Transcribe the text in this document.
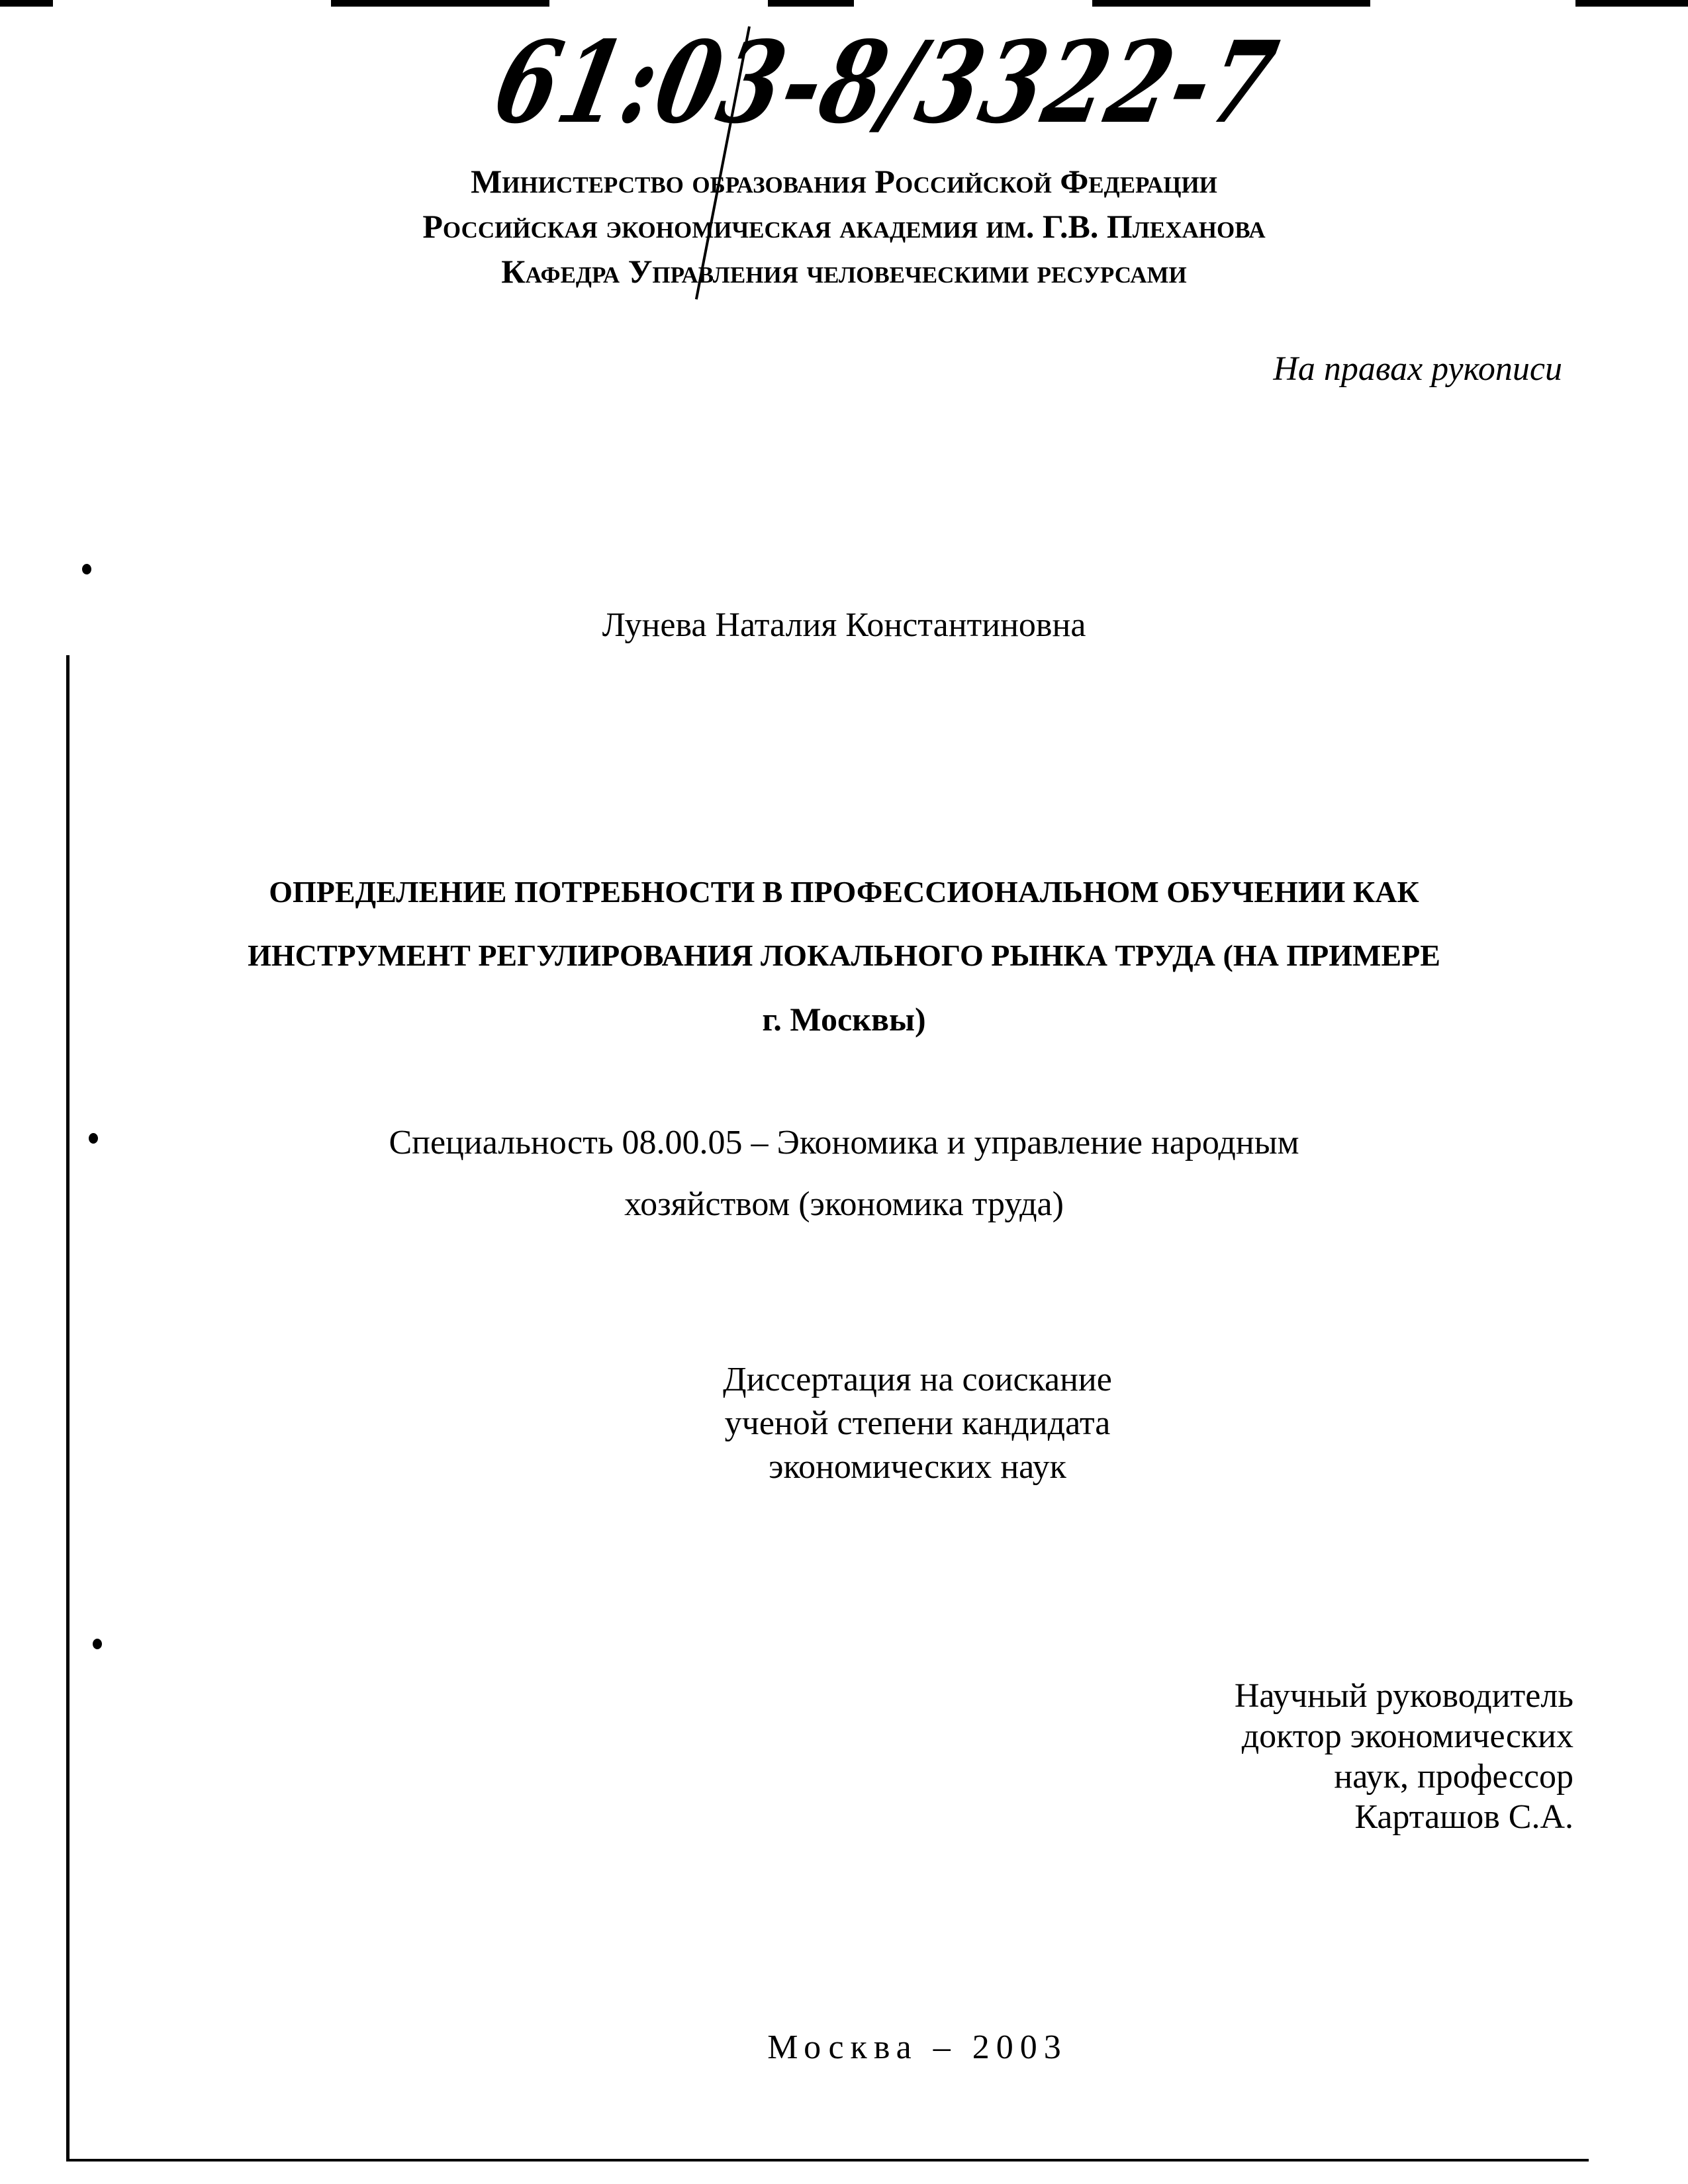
61:03-8/3322-7
Министерство образования Российской Федерации
Российская экономическая академия им. Г.В. Плеханова
Кафедра Управления человеческими ресурсами
На правах рукописи
Лунева Наталия Константиновна
ОПРЕДЕЛЕНИЕ ПОТРЕБНОСТИ В ПРОФЕССИОНАЛЬНОМ ОБУЧЕНИИ КАК
ИНСТРУМЕНТ РЕГУЛИРОВАНИЯ ЛОКАЛЬНОГО РЫНКА ТРУДА (НА ПРИМЕРЕ
г. Москвы)
Специальность 08.00.05 – Экономика и управление народным
хозяйством (экономика труда)
Диссертация на соискание
ученой степени кандидата
экономических наук
Научный руководитель
доктор экономических
наук, профессор
Карташов С.А.
Москва – 2003
